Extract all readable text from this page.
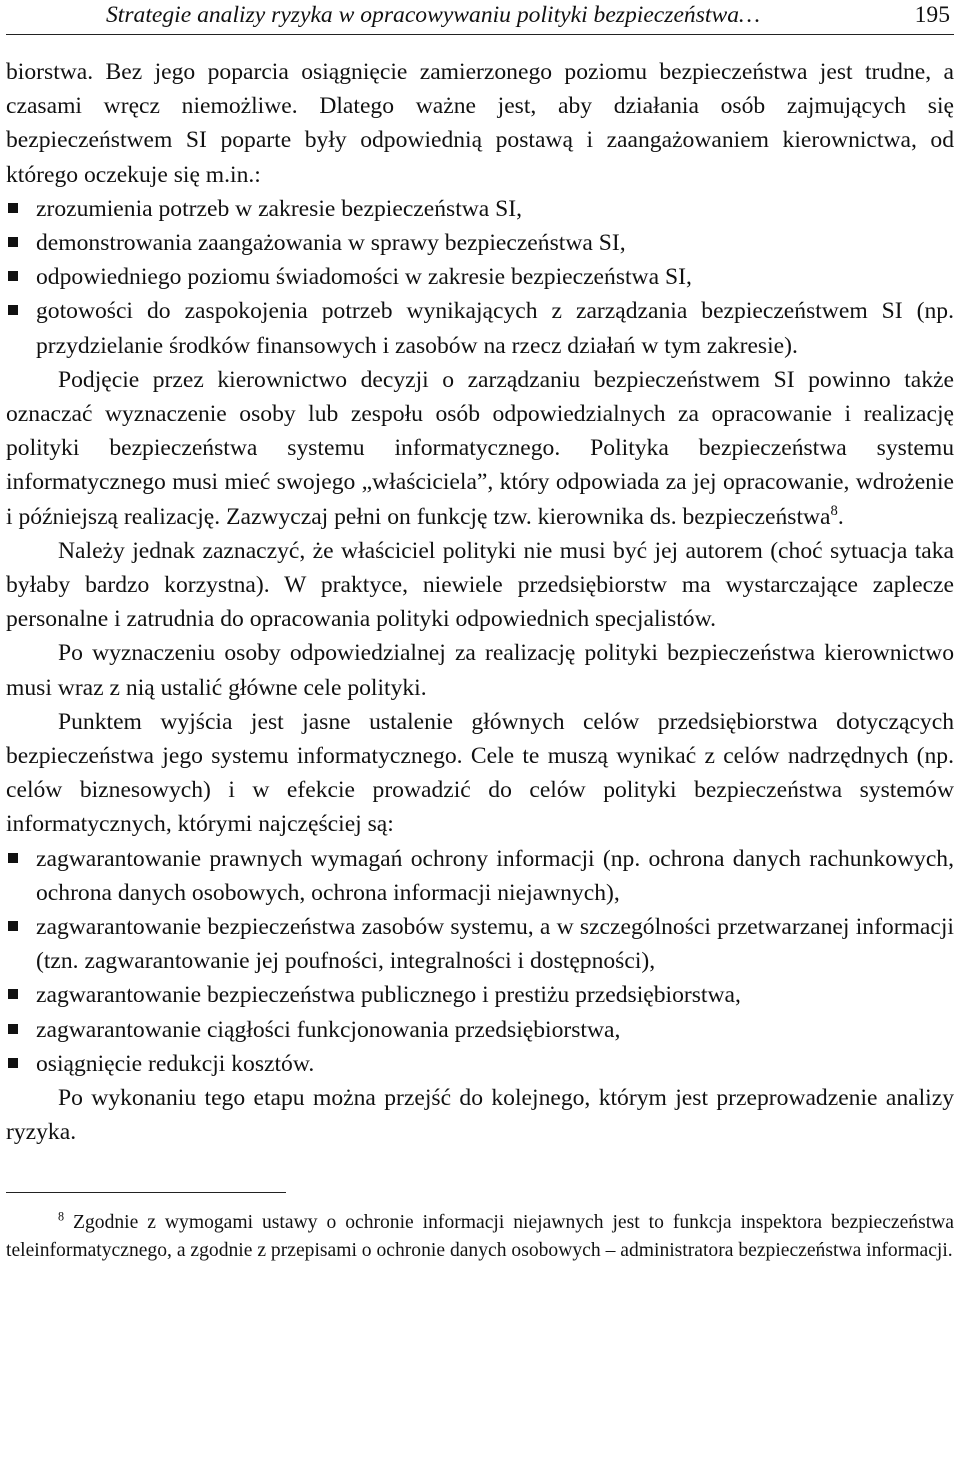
Strategie analizy ryzyka w opracowywaniu polityki bezpieczeństwa…	195

biorstwa. Bez jego poparcia osiągnięcie zamierzonego poziomu bezpieczeństwa jest trudne, a czasami wręcz niemożliwe. Dlatego ważne jest, aby działania osób zajmujących się bezpieczeństwem SI poparte były odpowiednią postawą i zaangażowaniem kierownictwa, od którego oczekuje się m.in.:

zrozumienia potrzeb w zakresie bezpieczeństwa SI,
demonstrowania zaangażowania w sprawy bezpieczeństwa SI,
odpowiedniego poziomu świadomości w zakresie bezpieczeństwa SI,
gotowości do zaspokojenia potrzeb wynikających z zarządzania bezpieczeństwem SI (np. przydzielanie środków finansowych i zasobów na rzecz działań w tym zakresie).

Podjęcie przez kierownictwo decyzji o zarządzaniu bezpieczeństwem SI powinno także oznaczać wyznaczenie osoby lub zespołu osób odpowiedzialnych za opracowanie i realizację polityki bezpieczeństwa systemu informatycznego. Polityka bezpieczeństwa systemu informatycznego musi mieć swojego „właściciela”, który odpowiada za jej opracowanie, wdrożenie i późniejszą realizację. Zazwyczaj pełni on funkcję tzw. kierownika ds. bezpieczeństwa$^8$.

Należy jednak zaznaczyć, że właściciel polityki nie musi być jej autorem (choć sytuacja taka byłaby bardzo korzystna). W praktyce, niewiele przedsiębiorstw ma wystarczające zaplecze personalne i zatrudnia do opracowania polityki odpowiednich specjalistów.

Po wyznaczeniu osoby odpowiedzialnej za realizację polityki bezpieczeństwa kierownictwo musi wraz z nią ustalić główne cele polityki.

Punktem wyjścia jest jasne ustalenie głównych celów przedsiębiorstwa dotyczących bezpieczeństwa jego systemu informatycznego. Cele te muszą wynikać z celów nadrzędnych (np. celów biznesowych) i w efekcie prowadzić do celów polityki bezpieczeństwa systemów informatycznych, którymi najczęściej są:

zagwarantowanie prawnych wymagań ochrony informacji (np. ochrona danych rachunkowych, ochrona danych osobowych, ochrona informacji niejawnych),
zagwarantowanie bezpieczeństwa zasobów systemu, a w szczególności przetwarzanej informacji (tzn. zagwarantowanie jej poufności, integralności i dostępności),
zagwarantowanie bezpieczeństwa publicznego i prestiżu przedsiębiorstwa,
zagwarantowanie ciągłości funkcjonowania przedsiębiorstwa,
osiągnięcie redukcji kosztów.

Po wykonaniu tego etapu można przejść do kolejnego, którym jest przeprowadzenie analizy ryzyka.

$^8$ Zgodnie z wymogami ustawy o ochronie informacji niejawnych jest to funkcja inspektora bezpieczeństwa teleinformatycznego, a zgodnie z przepisami o ochronie danych osobowych – administratora bezpieczeństwa informacji.
